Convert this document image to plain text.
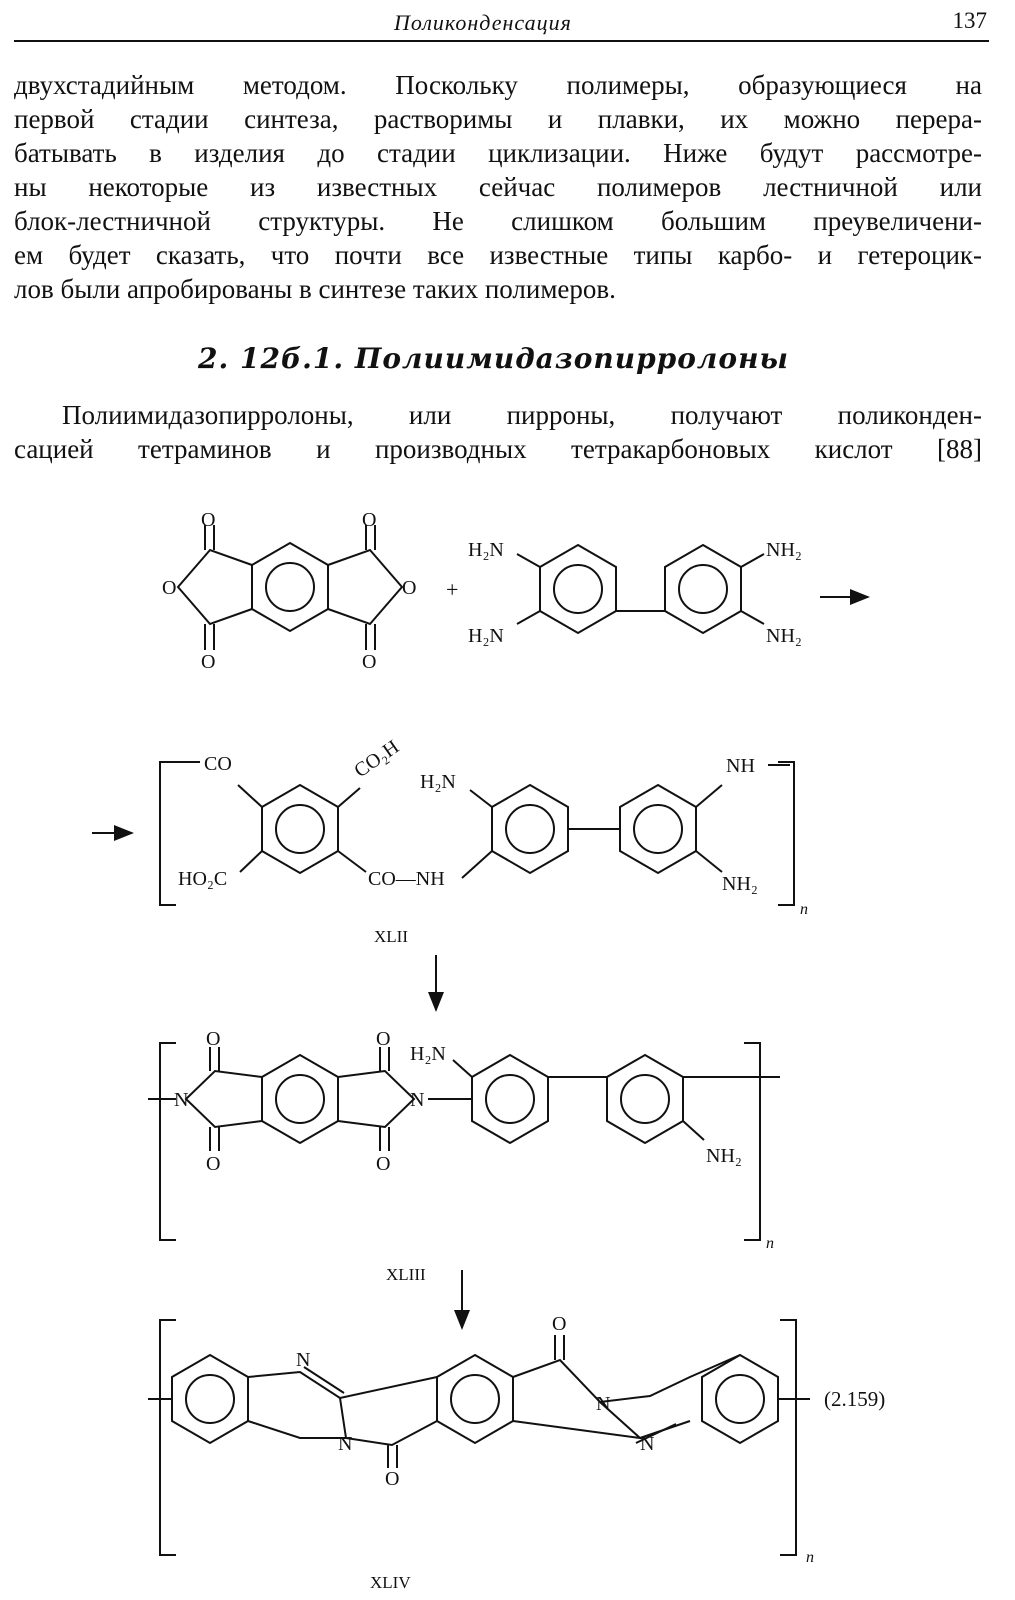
Поликонденсация	137
двухстадийным методом. Поскольку полимеры, образующиеся на
первой стадии синтеза, растворимы и плавки, их можно перера-
батывать в изделия до стадии циклизации. Ниже будут рассмотре-
ны некоторые из известных сейчас полимеров лестничной или
блок-лестничной структуры. Не слишком большим преувеличени-
ем будет сказать, что почти все известные типы карбо- и гетероцик-
лов были апробированы в синтезе таких полимеров.
2. 12б.1. Полиимидазопирролоны
Полиимидазопирролоны, или пирроны, получают поликонден-
сацией тетраминов и производных тетракарбоновых кислот [88]
O	O
O	O
O	O
+
H₂N
H₂N
NH₂
NH₂
CO	CO₂H
HO₂C	CO—NH
H₂N
NH
NH₂
n
XLII
O	O
O	O
N	N
H₂N
NH₂
n
XLIII
N
N
O
O
N
N
(2.159)
n
XLIV
